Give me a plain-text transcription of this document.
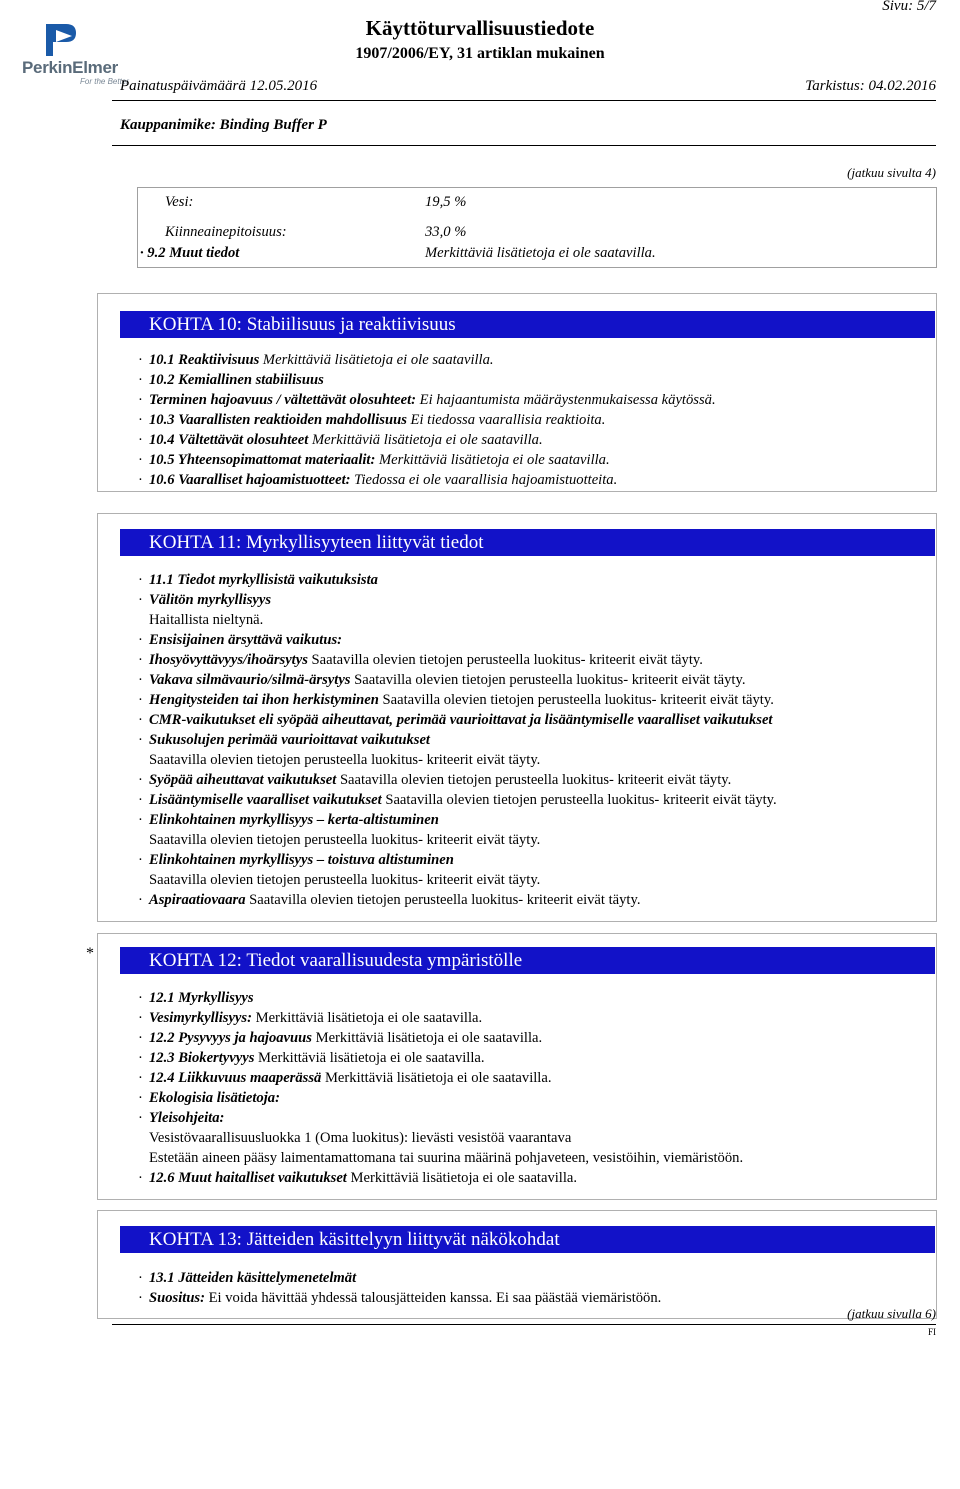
PerkinElmer
For the Better
Sivu: 5/7
Käyttöturvallisuustiedote
1907/2006/EY, 31 artiklan mukainen
Painatuspäivämäärä 12.05.2016	Tarkistus: 04.02.2016
Kauppanimike: Binding Buffer P
(jatkuu sivulta 4)
Vesi:	19,5 %
Kiinneainepitoisuus:	33,0 %
· 9.2 Muut tiedot	Merkittäviä lisätietoja ei ole saatavilla.
KOHTA 10: Stabiilisuus ja reaktiivisuus
·10.1 Reaktiivisuus Merkittäviä lisätietoja ei ole saatavilla.
·10.2 Kemiallinen stabiilisuus
·Terminen hajoavuus / vältettävät olosuhteet: Ei hajaantumista määräystenmukaisessa käytössä.
·10.3 Vaarallisten reaktioiden mahdollisuus Ei tiedossa vaarallisia reaktioita.
·10.4 Vältettävät olosuhteet Merkittäviä lisätietoja ei ole saatavilla.
·10.5 Yhteensopimattomat materiaalit: Merkittäviä lisätietoja ei ole saatavilla.
·10.6 Vaaralliset hajoamistuotteet: Tiedossa ei ole vaarallisia hajoamistuotteita.
KOHTA 11: Myrkyllisyyteen liittyvät tiedot
·11.1 Tiedot myrkyllisistä vaikutuksista
·Välitön myrkyllisyys
Haitallista nieltynä.
·Ensisijainen ärsyttävä vaikutus:
·Ihosyövyttävyys/ihoärsytys Saatavilla olevien tietojen perusteella luokitus- kriteerit eivät täyty.
·Vakava silmävaurio/silmä-ärsytys Saatavilla olevien tietojen perusteella luokitus- kriteerit eivät täyty.
·Hengitysteiden tai ihon herkistyminen Saatavilla olevien tietojen perusteella luokitus- kriteerit eivät täyty.
·CMR-vaikutukset eli syöpää aiheuttavat, perimää vaurioittavat ja lisääntymiselle vaaralliset vaikutukset
·Sukusolujen perimää vaurioittavat vaikutukset
Saatavilla olevien tietojen perusteella luokitus- kriteerit eivät täyty.
·Syöpää aiheuttavat vaikutukset Saatavilla olevien tietojen perusteella luokitus- kriteerit eivät täyty.
·Lisääntymiselle vaaralliset vaikutukset Saatavilla olevien tietojen perusteella luokitus- kriteerit eivät täyty.
·Elinkohtainen myrkyllisyys – kerta-altistuminen
Saatavilla olevien tietojen perusteella luokitus- kriteerit eivät täyty.
·Elinkohtainen myrkyllisyys – toistuva altistuminen
Saatavilla olevien tietojen perusteella luokitus- kriteerit eivät täyty.
·Aspiraatiovaara Saatavilla olevien tietojen perusteella luokitus- kriteerit eivät täyty.
*	KOHTA 12: Tiedot vaarallisuudesta ympäristölle
·12.1 Myrkyllisyys
·Vesimyrkyllisyys: Merkittäviä lisätietoja ei ole saatavilla.
·12.2 Pysyvyys ja hajoavuus Merkittäviä lisätietoja ei ole saatavilla.
·12.3 Biokertyvyys Merkittäviä lisätietoja ei ole saatavilla.
·12.4 Liikkuvuus maaperässä Merkittäviä lisätietoja ei ole saatavilla.
·Ekologisia lisätietoja:
·Yleisohjeita:
Vesistövaarallisuusluokka 1 (Oma luokitus): lievästi vesistöä vaarantava
Estetään aineen pääsy laimentamattomana tai suurina määrinä pohjaveteen, vesistöihin, viemäristöön.
·12.6 Muut haitalliset vaikutukset Merkittäviä lisätietoja ei ole saatavilla.
KOHTA 13: Jätteiden käsittelyyn liittyvät näkökohdat
·13.1 Jätteiden käsittelymenetelmät
·Suositus: Ei voida hävittää yhdessä talousjätteiden kanssa. Ei saa päästää viemäristöön.
(jatkuu sivulla 6)
FI
